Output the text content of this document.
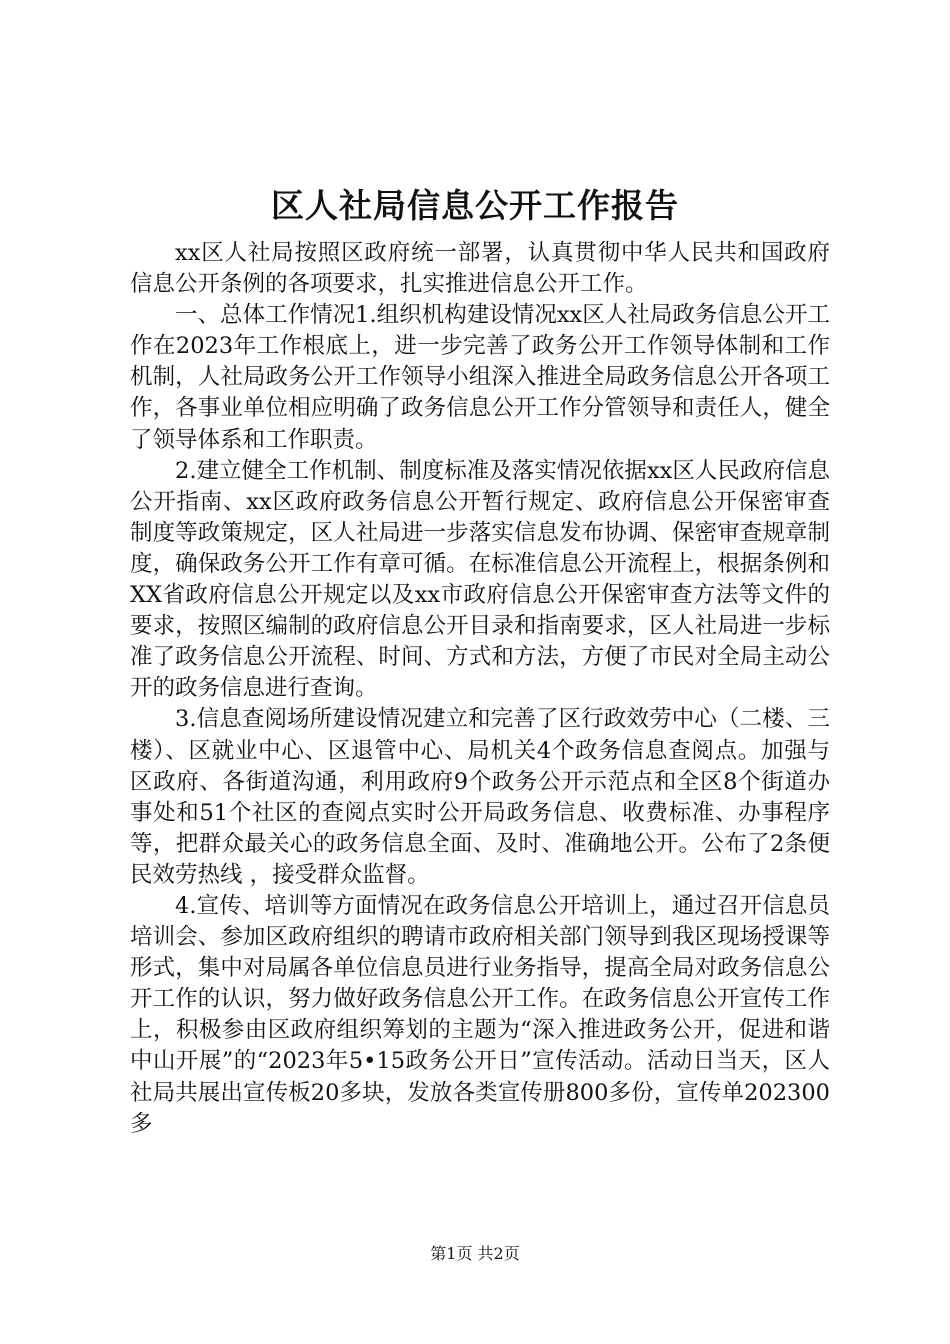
区人社局信息公开工作报告

xx区人社局按照区政府统一部署，认真贯彻中华人民共和国政府信息公开条例的各项要求，扎实推进信息公开工作。

一、总体工作情况1.组织机构建设情况xx区人社局政务信息公开工作在2023年工作根底上，进一步完善了政务公开工作领导体制和工作机制，人社局政务公开工作领导小组深入推进全局政务信息公开各项工作，各事业单位相应明确了政务信息公开工作分管领导和责任人，健全了领导体系和工作职责。

2.建立健全工作机制、制度标准及落实情况依据xx区人民政府信息公开指南、xx区政府政务信息公开暂行规定、政府信息公开保密审查制度等政策规定，区人社局进一步落实信息发布协调、保密审查规章制度，确保政务公开工作有章可循。在标准信息公开流程上，根据条例和XX省政府信息公开规定以及xx市政府信息公开保密审查方法等文件的要求，按照区编制的政府信息公开目录和指南要求，区人社局进一步标准了政务信息公开流程、时间、方式和方法，方便了市民对全局主动公开的政务信息进行查询。

3.信息查阅场所建设情况建立和完善了区行政效劳中心（二楼、三楼）、区就业中心、区退管中心、局机关4个政务信息查阅点。加强与区政府、各街道沟通，利用政府9个政务公开示范点和全区8个街道办事处和51个社区的查阅点实时公开局政务信息、收费标准、办事程序等，把群众最关心的政务信息全面、及时、准确地公开。公布了2条便民效劳热线 ，接受群众监督。

4.宣传、培训等方面情况在政务信息公开培训上，通过召开信息员培训会、参加区政府组织的聘请市政府相关部门领导到我区现场授课等形式，集中对局属各单位信息员进行业务指导，提高全局对政务信息公开工作的认识，努力做好政务信息公开工作。在政务信息公开宣传工作上，积极参由区政府组织筹划的主题为“深入推进政务公开，促进和谐中山开展”的“2023年5•15政务公开日”宣传活动。活动日当天，区人社局共展出宣传板20多块，发放各类宣传册800多份，宣传单202300多

第1页 共2页
